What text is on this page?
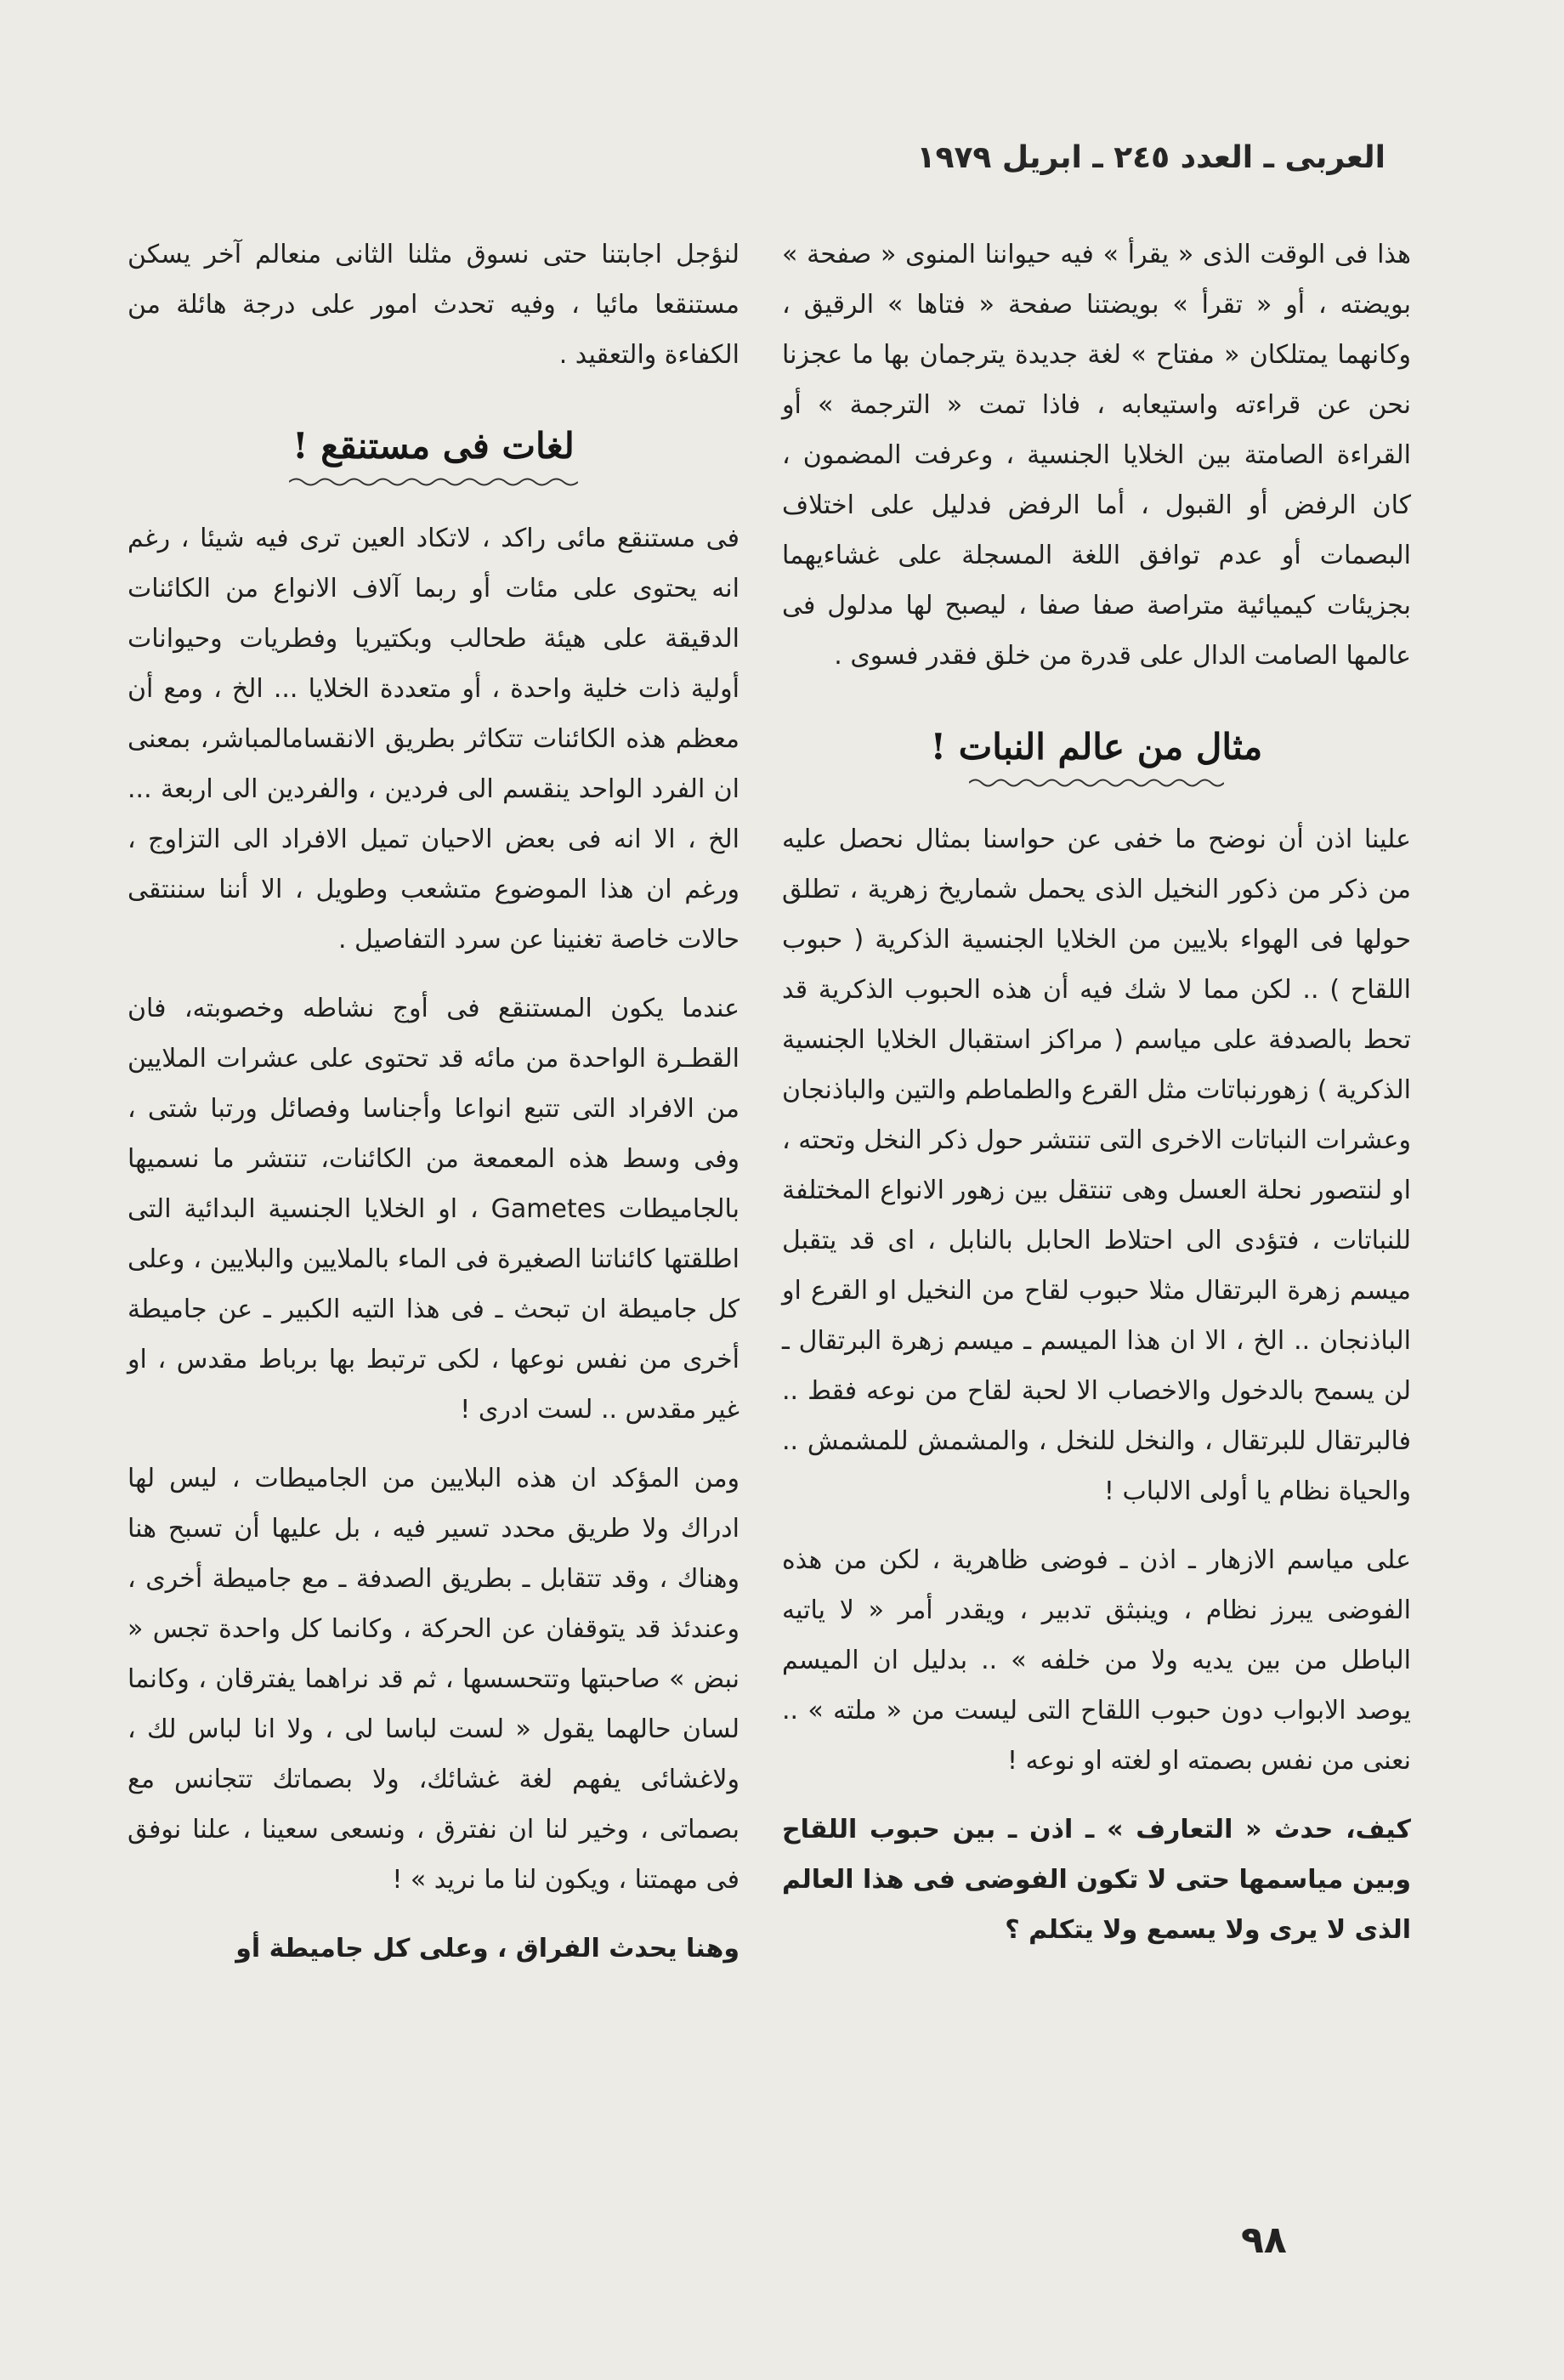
العربى ـ العدد ٢٤٥ ـ ابريل ١٩٧٩

هذا فى الوقت الذى « يقرأ » فيه حيواننا المنوى « صفحة » بويضته ، أو « تقرأ » بويضتنا صفحة « فتاها » الرقيق ، وكانهما يمتلكان « مفتاح » لغة جديدة يترجمان بها ما عجزنا نحن عن قراءته واستيعابه ، فاذا تمت « الترجمة » أو القراءة الصامتة بين الخلايا الجنسية ، وعرفت المضمون ، كان الرفض أو القبول ، أما الرفض فدليل على اختلاف البصمات أو عدم توافق اللغة المسجلة على غشاءيهما بجزيئات كيميائية متراصة صفا صفا ، ليصبح لها مدلول فى عالمها الصامت الدال على قدرة من خلق فقدر فسوى .

مثال من عالم النبات !

علينا اذن أن نوضح ما خفى عن حواسنا بمثال نحصل عليه من ذكر من ذكور النخيل الذى يحمل شماريخ زهرية ، تطلق حولها فى الهواء بلايين من الخلايا الجنسية الذكرية ( حبوب اللقاح ) .. لكن مما لا شك فيه أن هذه الحبوب الذكرية قد تحط بالصدفة على مياسم ( مراكز استقبال الخلايا الجنسية الذكرية ) زهورنباتات مثل القرع والطماطم والتين والباذنجان وعشرات النباتات الاخرى التى تنتشر حول ذكر النخل وتحته ، او لنتصور نحلة العسل وهى تنتقل بين زهور الانواع المختلفة للنباتات ، فتؤدى الى احتلاط الحابل بالنابل ، اى قد يتقبل ميسم زهرة البرتقال مثلا حبوب لقاح من النخيل او القرع او الباذنجان .. الخ ، الا ان هذا الميسم ـ ميسم زهرة البرتقال ـ لن يسمح بالدخول والاخصاب الا لحبة لقاح من نوعه فقط .. فالبرتقال للبرتقال ، والنخل للنخل ، والمشمش للمشمش .. والحياة نظام يا أولى الالباب !

على مياسم الازهار ـ اذن ـ فوضى ظاهرية ، لكن من هذه الفوضى يبرز نظام ، وينبثق تدبير ، ويقدر أمر « لا ياتيه الباطل من بين يديه ولا من خلفه » .. بدليل ان الميسم يوصد الابواب دون حبوب اللقاح التى ليست من « ملته » .. نعنى من نفس بصمته او لغته او نوعه !

كيف، حدث « التعارف » ـ اذن ـ بين حبوب اللقاح وبين مياسمها حتى لا تكون الفوضى فى هذا العالم الذى لا يرى ولا يسمع ولا يتكلم ؟

لنؤجل اجابتنا حتى نسوق مثلنا الثانى منعالم آخر يسكن مستنقعا مائيا ، وفيه تحدث امور على درجة هائلة من الكفاءة والتعقيد .

لغات فى مستنقع !

فى مستنقع مائى راكد ، لاتكاد العين ترى فيه شيئا ، رغم انه يحتوى على مئات أو ربما آلاف الانواع من الكائنات الدقيقة على هيئة طحالب وبكتيريا وفطريات وحيوانات أولية ذات خلية واحدة ، أو متعددة الخلايا ... الخ ، ومع أن معظم هذه الكائنات تتكاثر بطريق الانقسامالمباشر، بمعنى ان الفرد الواحد ينقسم الى فردين ، والفردين الى اربعة ... الخ ، الا انه فى بعض الاحيان تميل الافراد الى التزاوج ، ورغم ان هذا الموضوع متشعب وطويل ، الا أننا سننتقى حالات خاصة تغنينا عن سرد التفاصيل .

عندما يكون المستنقع فى أوج نشاطه وخصوبته، فان القطـرة الواحدة من مائه قد تحتوى على عشرات الملايين من الافراد التى تتبع انواعا وأجناسا وفصائل ورتبا شتى ، وفى وسط هذه المعمعة من الكائنات، تنتشر ما نسميها بالجاميطات Gametes ، او الخلايا الجنسية البدائية التى اطلقتها كائناتنا الصغيرة فى الماء بالملايين والبلايين ، وعلى كل جاميطة ان تبحث ـ فى هذا التيه الكبير ـ عن جاميطة أخرى من نفس نوعها ، لكى ترتبط بها برباط مقدس ، او غير مقدس .. لست ادرى !

ومن المؤكد ان هذه البلايين من الجاميطات ، ليس لها ادراك ولا طريق محدد تسير فيه ، بل عليها أن تسبح هنا وهناك ، وقد تتقابل ـ بطريق الصدفة ـ مع جاميطة أخرى ، وعندئذ قد يتوقفان عن الحركة ، وكانما كل واحدة تجس « نبض » صاحبتها وتتحسسها ، ثم قد نراهما يفترقان ، وكانما لسان حالهما يقول « لست لباسا لى ، ولا انا لباس لك ، ولاغشائى يفهم لغة غشائك، ولا بصماتك تتجانس مع بصماتى ، وخير لنا ان نفترق ، ونسعى سعينا ، علنا نوفق فى مهمتنا ، ويكون لنا ما نريد » !

وهنا يحدث الفراق ، وعلى كل جاميطة أو

٩٨
